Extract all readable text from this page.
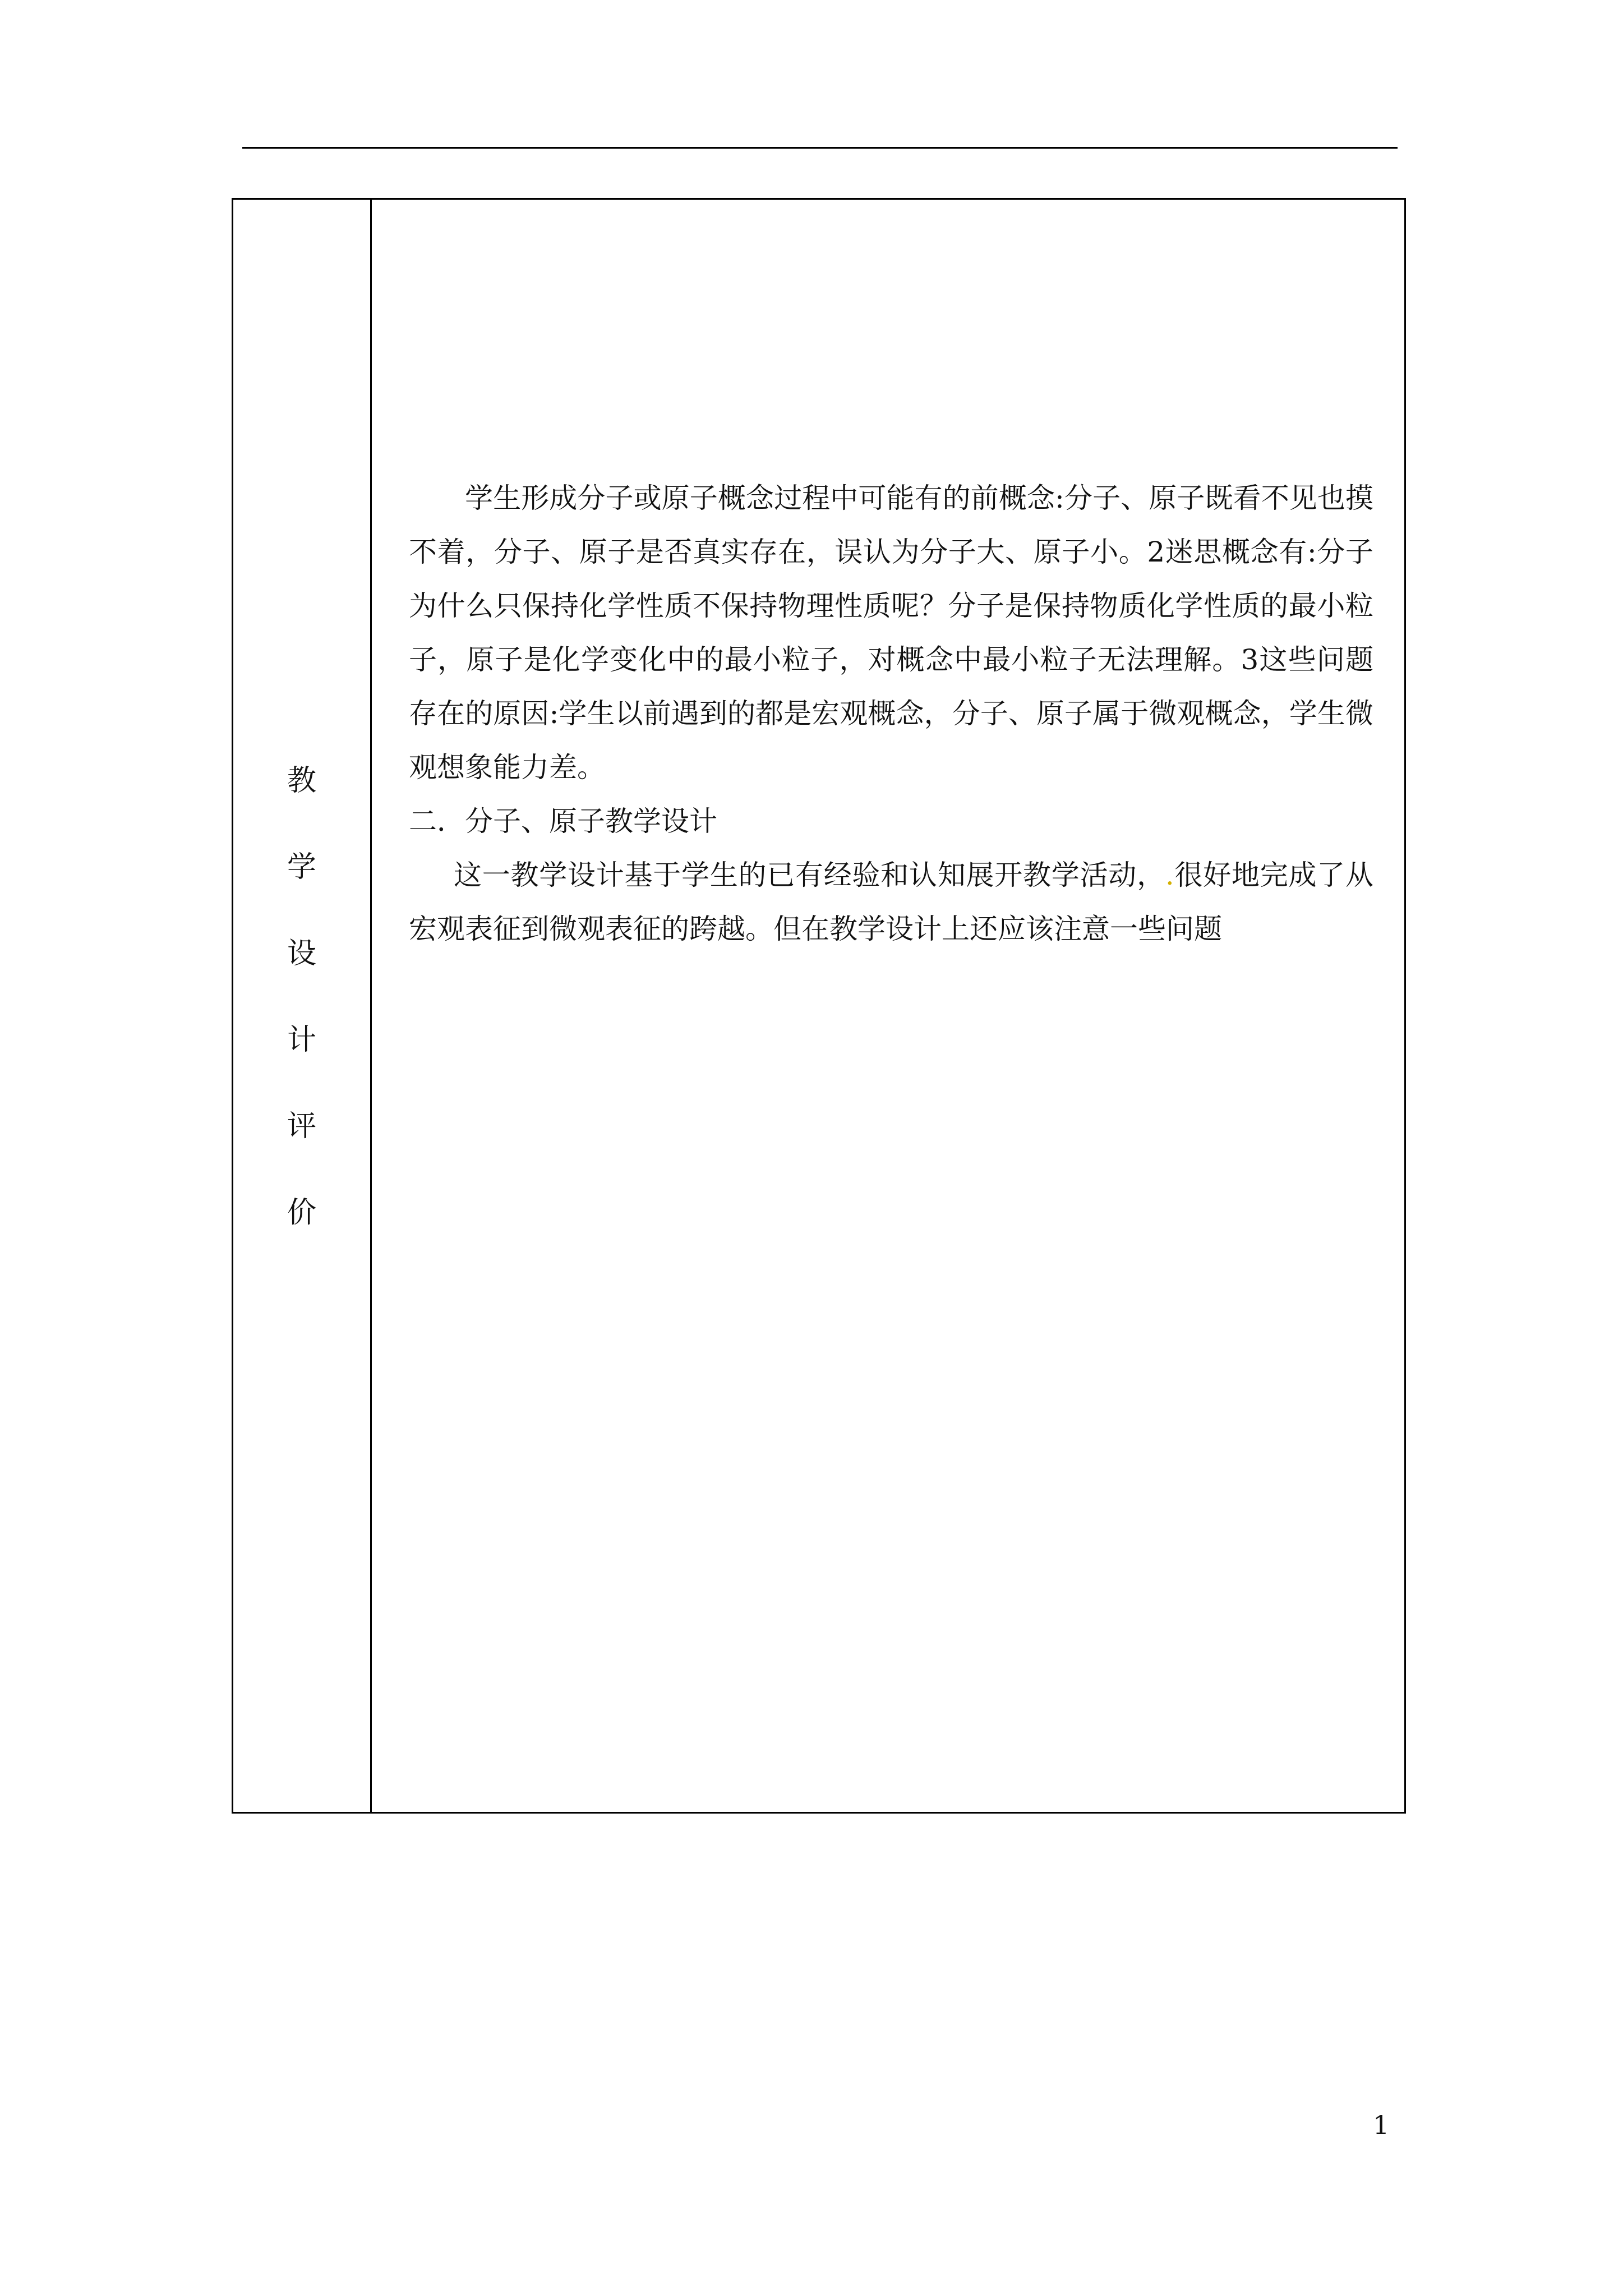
教
学
设
计
评
价

学生形成分子或原子概念过程中可能有的前概念:分子、原子既看不见也摸不着，分子、原子是否真实存在，误认为分子大、原子小。2迷思概念有:分子为什么只保持化学性质不保持物理性质呢？分子是保持物质化学性质的最小粒子，原子是化学变化中的最小粒子，对概念中最小粒子无法理解。3这些问题存在的原因:学生以前遇到的都是宏观概念，分子、原子属于微观概念，学生微观想象能力差。

二．分子、原子教学设计

这一教学设计基于学生的已有经验和认知展开教学活动，.很好地完成了从宏观表征到微观表征的跨越。但在教学设计上还应该注意一些问题

1
